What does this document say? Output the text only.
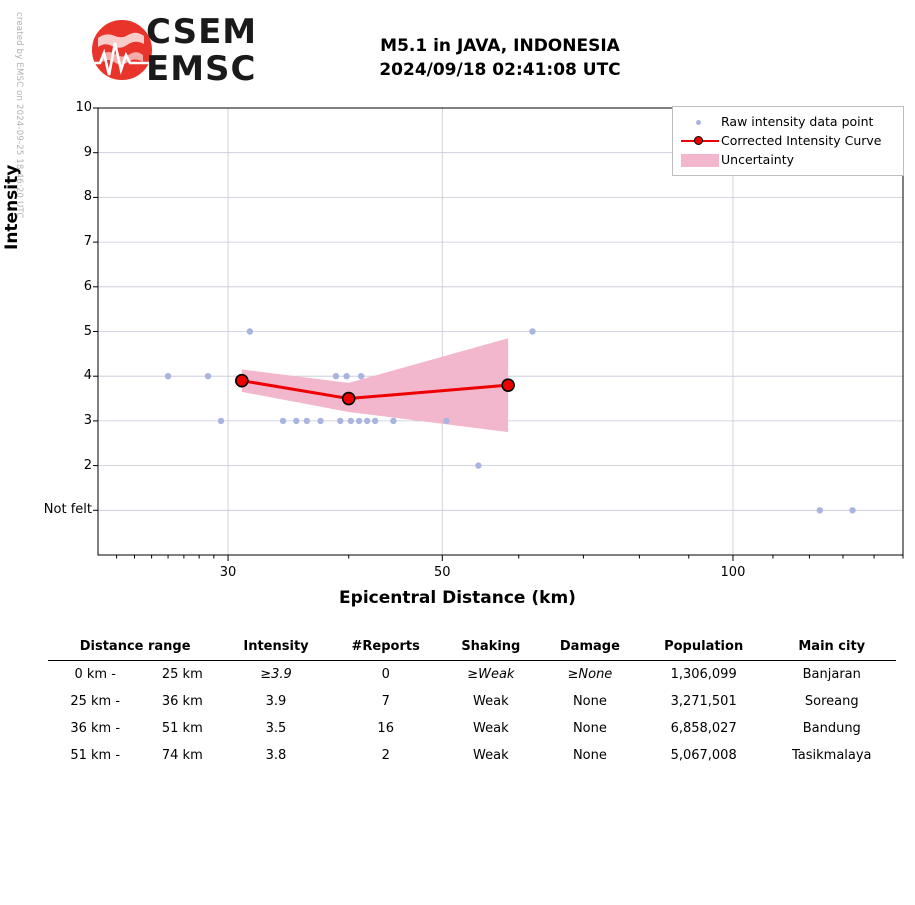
created by EMSC on 2024-09-25 18:46:20 UTC	CSEM
EMSC
M5.1 in JAVA, INDONESIA
2024/09/18 02:41:08 UTC
Intensity
Epicentral Distance (km)
Not felt
2
3
4
5
6
7
8
9
10
30	50	100
Raw intensity data point
Corrected Intensity Curve
Uncertainty
Distance range		Intensity	#Reports	Shaking	Damage	Population	Main city
0 km -	25 km	≥3.9	0	≥Weak	≥None	1,306,099	Banjaran
25 km -	36 km	3.9	7	Weak	None	3,271,501	Soreang
36 km -	51 km	3.5	16	Weak	None	6,858,027	Bandung
51 km -	74 km	3.8	2	Weak	None	5,067,008	Tasikmalaya
